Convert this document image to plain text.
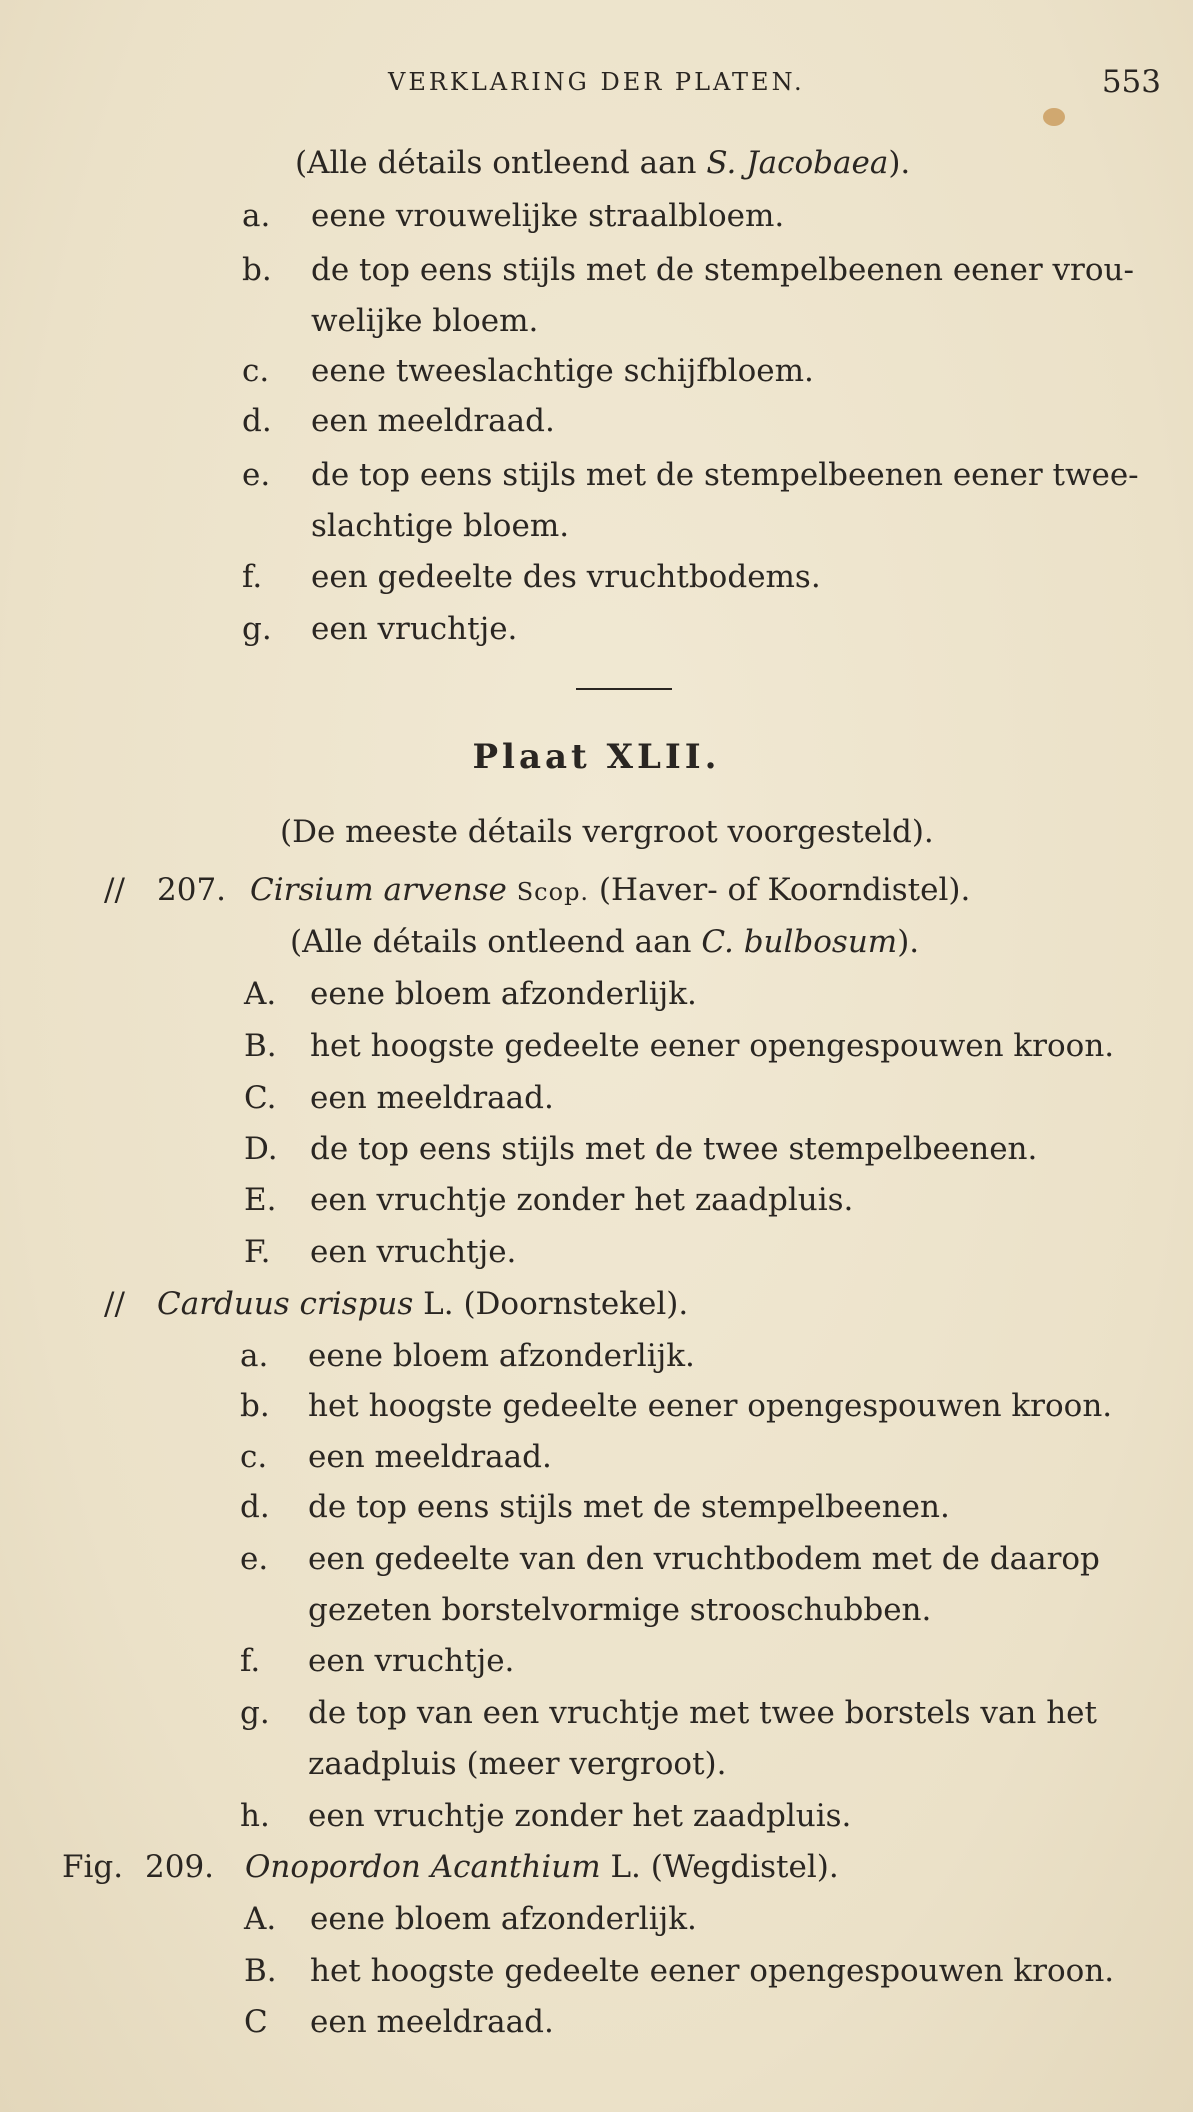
VERKLARING DER PLATEN.	553
(Alle détails ontleend aan S. Jacobaea).
a. eene vrouwelijke straalbloem.
b. de top eens stijls met de stempelbeenen eener vrou-
welijke bloem.
c. eene tweeslachtige schijfbloem.
d. een meeldraad.
e. de top eens stijls met de stempelbeenen eener twee-
slachtige bloem.
f. een gedeelte des vruchtbodems.
g. een vruchtje.
Plaat XLII.
(De meeste détails vergroot voorgesteld).
// 207. Cirsium arvense Scop. (Haver- of Koorndistel).
(Alle détails ontleend aan C. bulbosum).
A. eene bloem afzonderlijk.
B. het hoogste gedeelte eener opengespouwen kroon.
C. een meeldraad.
D. de top eens stijls met de twee stempelbeenen.
E. een vruchtje zonder het zaadpluis.
F. een vruchtje.
// Carduus crispus L. (Doornstekel).
a. eene bloem afzonderlijk.
b. het hoogste gedeelte eener opengespouwen kroon.
c. een meeldraad.
d. de top eens stijls met de stempelbeenen.
e. een gedeelte van den vruchtbodem met de daarop
gezeten borstelvormige strooschubben.
f. een vruchtje.
g. de top van een vruchtje met twee borstels van het
zaadpluis (meer vergroot).
h. een vruchtje zonder het zaadpluis.
Fig. 209. Onopordon Acanthium L. (Wegdistel).
A. eene bloem afzonderlijk.
B. het hoogste gedeelte eener opengespouwen kroon.
C een meeldraad.
